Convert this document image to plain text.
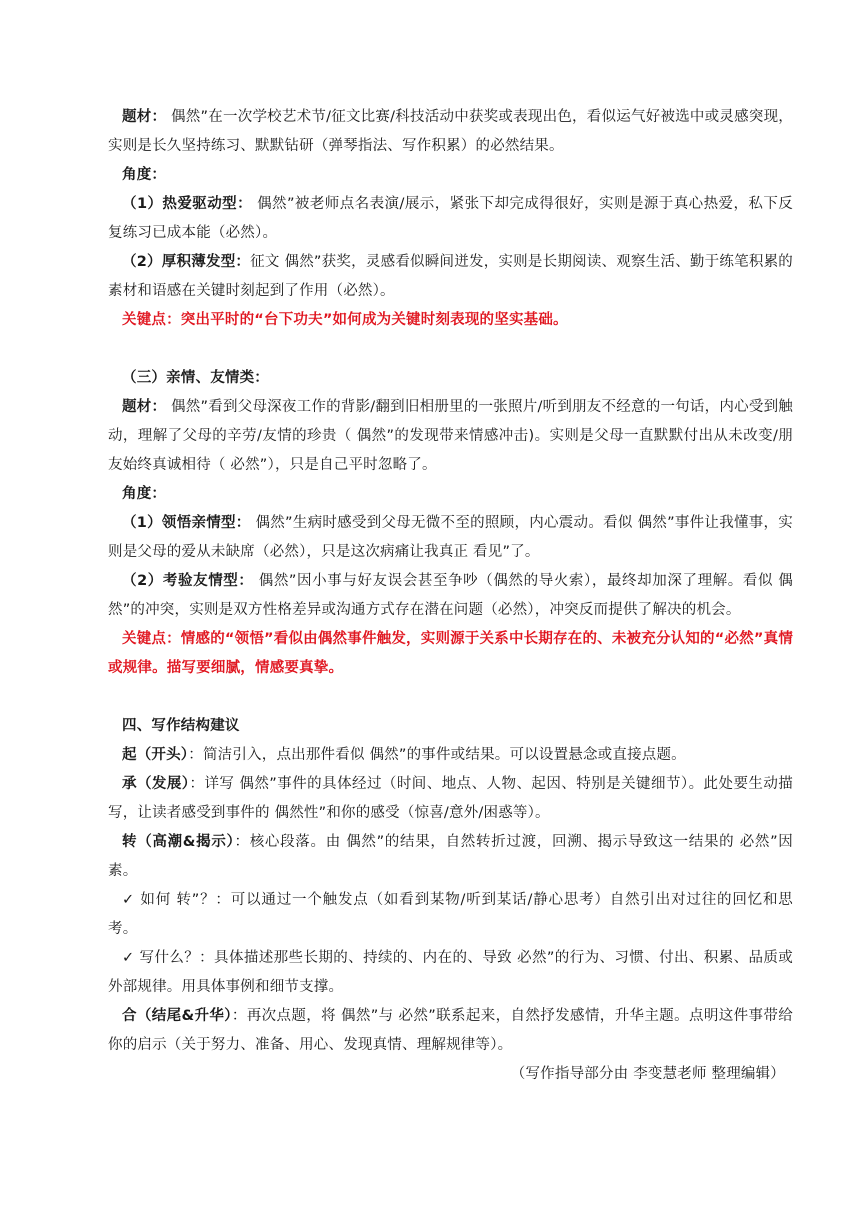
题材： 偶然”在一次学校艺术节/征文比赛/科技活动中获奖或表现出色，看似运气好被选中或灵感突现，实则是长久坚持练习、默默钻研（弹琴指法、写作积累）的必然结果。

角度：

（1）热爱驱动型： 偶然”被老师点名表演/展示，紧张下却完成得很好，实则是源于真心热爱，私下反复练习已成本能（必然）。

（2）厚积薄发型：征文 偶然”获奖，灵感看似瞬间迸发，实则是长期阅读、观察生活、勤于练笔积累的素材和语感在关键时刻起到了作用（必然）。

关键点：突出平时的“台下功夫”如何成为关键时刻表现的坚实基础。

（三）亲情、友情类：

题材： 偶然”看到父母深夜工作的背影/翻到旧相册里的一张照片/听到朋友不经意的一句话，内心受到触动，理解了父母的辛劳/友情的珍贵（ 偶然”的发现带来情感冲击)。实则是父母一直默默付出从未改变/朋友始终真诚相待（ 必然”），只是自己平时忽略了。

角度：

（1）领悟亲情型： 偶然”生病时感受到父母无微不至的照顾，内心震动。看似 偶然”事件让我懂事，实则是父母的爱从未缺席（必然），只是这次病痛让我真正 看见”了。

（2）考验友情型： 偶然”因小事与好友误会甚至争吵（偶然的导火索），最终却加深了理解。看似 偶然”的冲突，实则是双方性格差异或沟通方式存在潜在问题（必然），冲突反而提供了解决的机会。

关键点：情感的“领悟”看似由偶然事件触发，实则源于关系中长期存在的、未被充分认知的“必然”真情或规律。描写要细腻，情感要真挚。

四、写作结构建议

起（开头）：简洁引入，点出那件看似 偶然”的事件或结果。可以设置悬念或直接点题。

承（发展）：详写 偶然”事件的具体经过（时间、地点、人物、起因、特别是关键细节）。此处要生动描写，让读者感受到事件的 偶然性”和你的感受（惊喜/意外/困惑等）。

转（高潮&揭示）：核心段落。由 偶然”的结果，自然转折过渡，回溯、揭示导致这一结果的 必然”因素。

✓ 如何 转”？：可以通过一个触发点（如看到某物/听到某话/静心思考）自然引出对过往的回忆和思考。

✓ 写什么？：具体描述那些长期的、持续的、内在的、导致 必然”的行为、习惯、付出、积累、品质或外部规律。用具体事例和细节支撑。

合（结尾&升华）：再次点题，将 偶然”与 必然”联系起来，自然抒发感情，升华主题。点明这件事带给你的启示（关于努力、准备、用心、发现真情、理解规律等）。

（写作指导部分由 李变慧老师 整理编辑）
